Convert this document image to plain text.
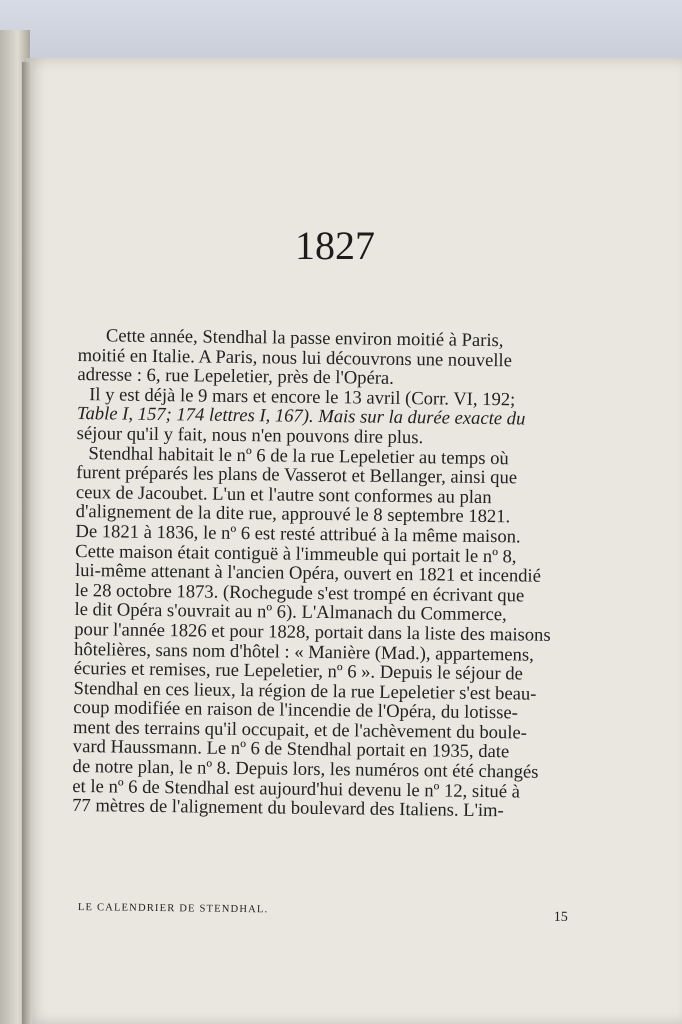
1827

Cette année, Stendhal la passe environ moitié à Paris,
moitié en Italie. A Paris, nous lui découvrons une nouvelle
adresse : 6, rue Lepeletier, près de l'Opéra.

Il y est déjà le 9 mars et encore le 13 avril (Corr. VI, 192;
Table I, 157; 174 lettres I, 167). Mais sur la durée exacte du
séjour qu'il y fait, nous n'en pouvons dire plus.

Stendhal habitait le nº 6 de la rue Lepeletier au temps où
furent préparés les plans de Vasserot et Bellanger, ainsi que
ceux de Jacoubet. L'un et l'autre sont conformes au plan
d'alignement de la dite rue, approuvé le 8 septembre 1821.
De 1821 à 1836, le nº 6 est resté attribué à la même maison.
Cette maison était contiguë à l'immeuble qui portait le nº 8,
lui-même attenant à l'ancien Opéra, ouvert en 1821 et incendié
le 28 octobre 1873. (Rochegude s'est trompé en écrivant que
le dit Opéra s'ouvrait au nº 6). L'Almanach du Commerce,
pour l'année 1826 et pour 1828, portait dans la liste des maisons
hôtelières, sans nom d'hôtel : « Manière (Mad.), appartemens,
écuries et remises, rue Lepeletier, nº 6 ». Depuis le séjour de
Stendhal en ces lieux, la région de la rue Lepeletier s'est beau-
coup modifiée en raison de l'incendie de l'Opéra, du lotisse-
ment des terrains qu'il occupait, et de l'achèvement du boule-
vard Haussmann. Le nº 6 de Stendhal portait en 1935, date
de notre plan, le nº 8. Depuis lors, les numéros ont été changés
et le nº 6 de Stendhal est aujourd'hui devenu le nº 12, situé à
77 mètres de l'alignement du boulevard des Italiens. L'im-

LE CALENDRIER DE STENDHAL.
15
